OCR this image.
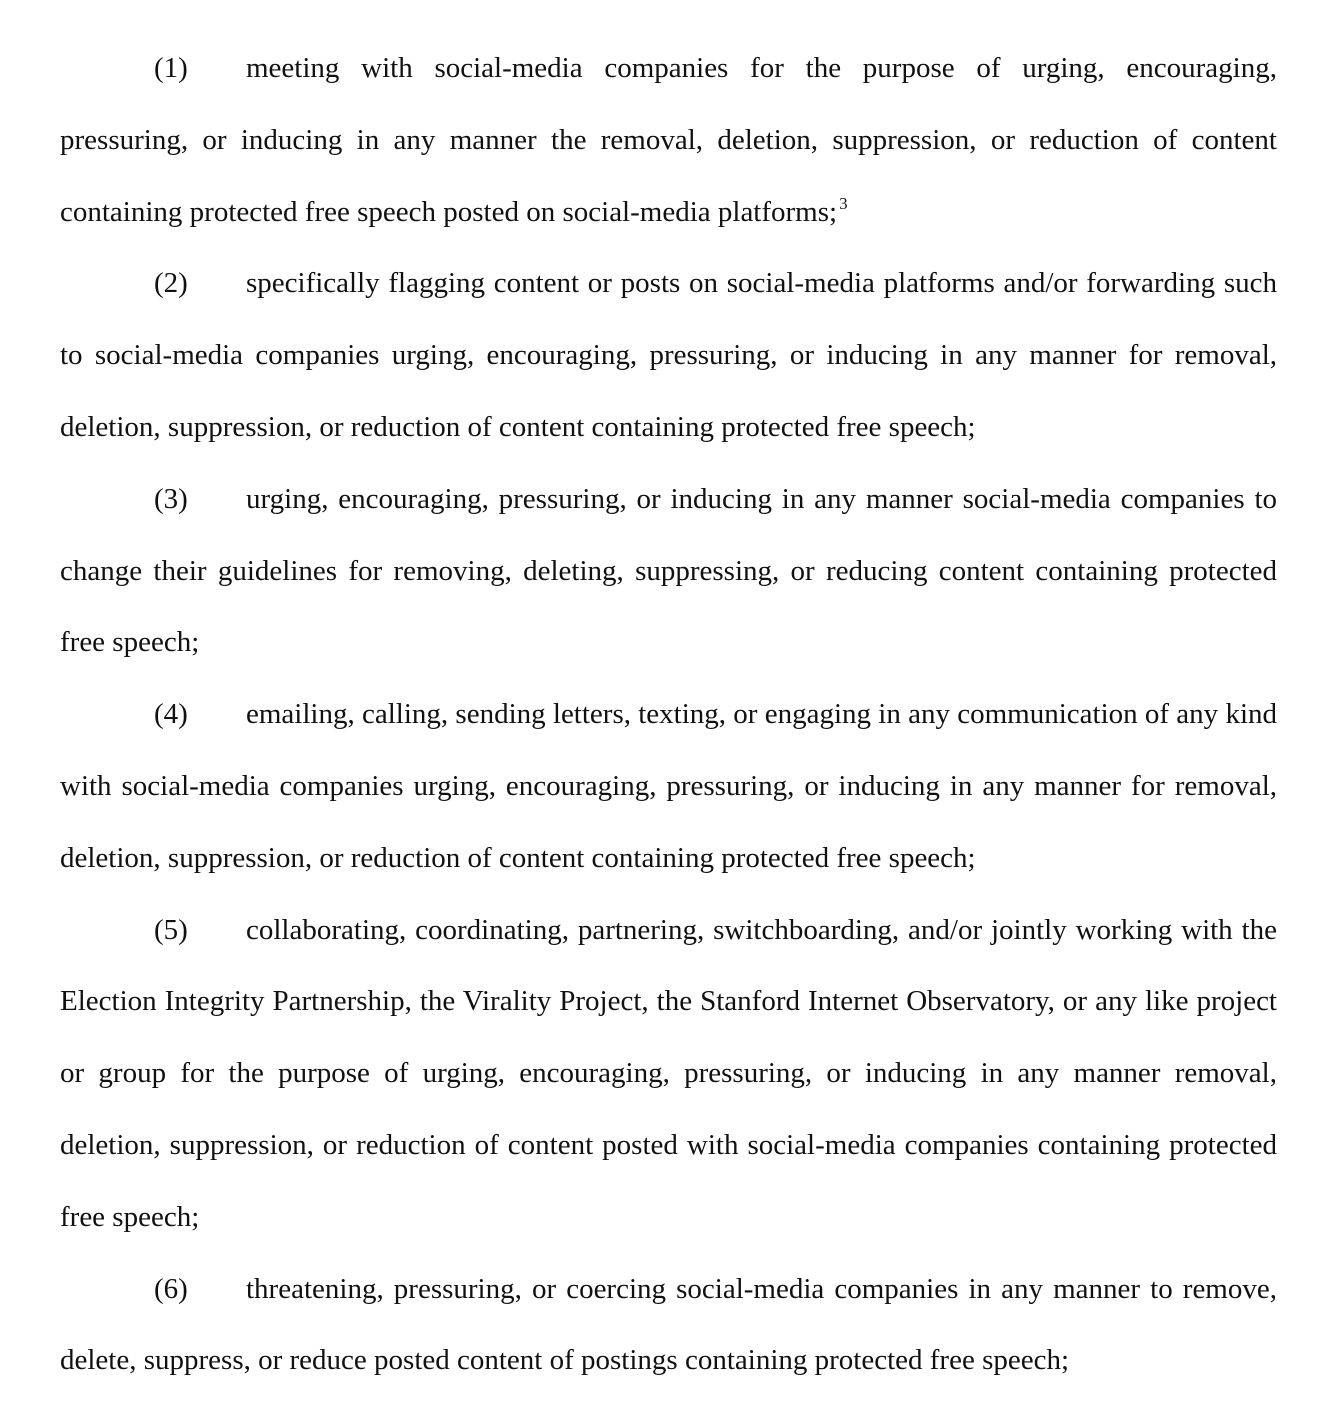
(1) meeting with social-media companies for the purpose of urging, encouraging, pressuring, or inducing in any manner the removal, deletion, suppression, or reduction of content containing protected free speech posted on social-media platforms; $^3$

(2) specifically flagging content or posts on social-media platforms and/or forwarding such to social-media companies urging, encouraging, pressuring, or inducing in any manner for removal, deletion, suppression, or reduction of content containing protected free speech;

(3) urging, encouraging, pressuring, or inducing in any manner social-media companies to change their guidelines for removing, deleting, suppressing, or reducing content containing protected free speech;

(4) emailing, calling, sending letters, texting, or engaging in any communication of any kind with social-media companies urging, encouraging, pressuring, or inducing in any manner for removal, deletion, suppression, or reduction of content containing protected free speech;

(5) collaborating, coordinating, partnering, switchboarding, and/or jointly working with the Election Integrity Partnership, the Virality Project, the Stanford Internet Observatory, or any like project or group for the purpose of urging, encouraging, pressuring, or inducing in any manner removal, deletion, suppression, or reduction of content posted with social-media companies containing protected free speech;

(6) threatening, pressuring, or coercing social-media companies in any manner to remove, delete, suppress, or reduce posted content of postings containing protected free speech;
